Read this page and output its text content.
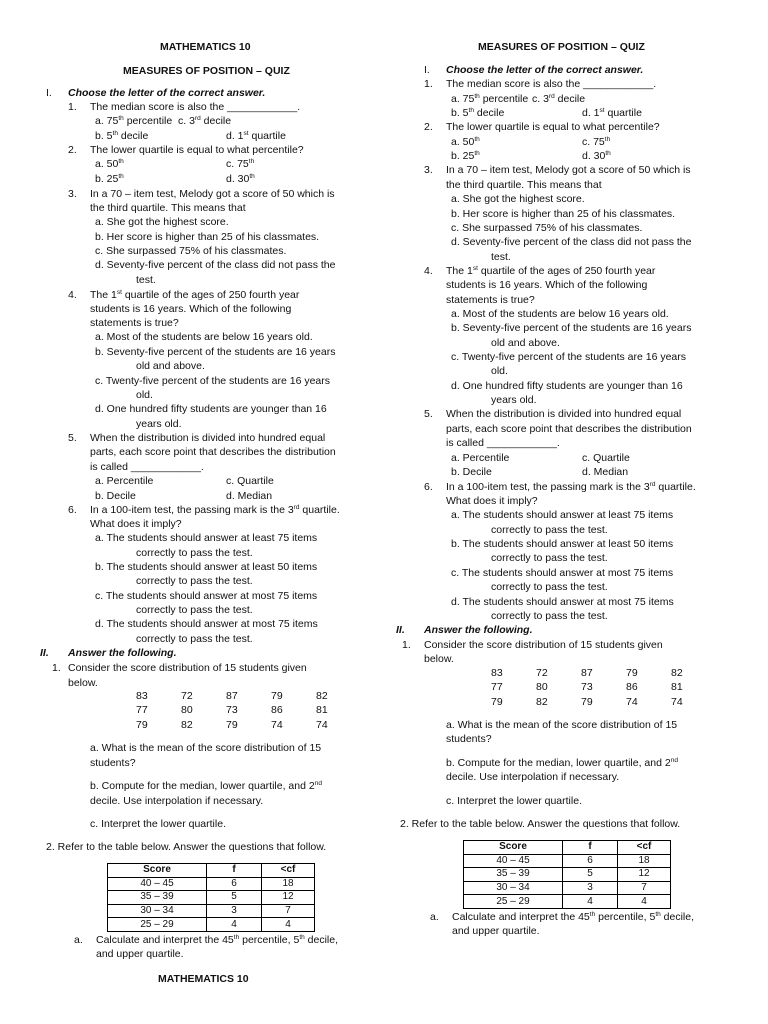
MATHEMATICS 10
MEASURES OF POSITION – QUIZ
I. Choose the letter of the correct answer.
1. The median score is also the ____________.
a. 75th percentile c. 3rd decile
b. 5th decile	d. 1st quartile
2. The lower quartile is equal to what percentile?
a. 50th	c. 75th
b. 25th	d. 30th
3. In a 70 – item test, Melody got a score of 50 which is
the third quartile. This means that
a. She got the highest score.
b. Her score is higher than 25 of his classmates.
c. She surpassed 75% of his classmates.
d. Seventy-five percent of the class did not pass the
test.
4. The 1st quartile of the ages of 250 fourth year
students is 16 years. Which of the following
statements is true?
a. Most of the students are below 16 years old.
b. Seventy-five percent of the students are 16 years
old and above.
c. Twenty-five percent of the students are 16 years
old.
d. One hundred fifty students are younger than 16
years old.
5. When the distribution is divided into hundred equal
parts, each score point that describes the distribution
is called ____________.
a. Percentile	c. Quartile
b. Decile	d. Median
6. In a 100-item test, the passing mark is the 3rd quartile.
What does it imply?
a. The students should answer at least 75 items
correctly to pass the test.
b. The students should answer at least 50 items
correctly to pass the test.
c. The students should answer at most 75 items
correctly to pass the test.
d. The students should answer at most 75 items
correctly to pass the test.
II. Answer the following.
1. Consider the score distribution of 15 students given
below.
83	72	87	79	82
77	80	73	86	81
79	82	79	74	74
a. What is the mean of the score distribution of 15
students?
b. Compute for the median, lower quartile, and 2nd
decile. Use interpolation if necessary.
c. Interpret the lower quartile.
2. Refer to the table below. Answer the questions that follow.
Score	f	<cf
40 – 45	6	18
35 – 39	5	12
30 – 34	3	7
25 – 29	4	4
a. Calculate and interpret the 45th percentile, 5th decile,
and upper quartile.
MATHEMATICS 10
MEASURES OF POSITION – QUIZ
I. Choose the letter of the correct answer.
1. The median score is also the ____________.
a. 75th percentile c. 3rd decile
b. 5th decile	d. 1st quartile
2. The lower quartile is equal to what percentile?
a. 50th	c. 75th
b. 25th	d. 30th
3. In a 70 – item test, Melody got a score of 50 which is
the third quartile. This means that
a. She got the highest score.
b. Her score is higher than 25 of his classmates.
c. She surpassed 75% of his classmates.
d. Seventy-five percent of the class did not pass the
test.
4. The 1st quartile of the ages of 250 fourth year
students is 16 years. Which of the following
statements is true?
a. Most of the students are below 16 years old.
b. Seventy-five percent of the students are 16 years
old and above.
c. Twenty-five percent of the students are 16 years
old.
d. One hundred fifty students are younger than 16
years old.
5. When the distribution is divided into hundred equal
parts, each score point that describes the distribution
is called ____________.
a. Percentile	c. Quartile
b. Decile	d. Median
6. In a 100-item test, the passing mark is the 3rd quartile.
What does it imply?
a. The students should answer at least 75 items
correctly to pass the test.
b. The students should answer at least 50 items
correctly to pass the test.
c. The students should answer at most 75 items
correctly to pass the test.
d. The students should answer at most 75 items
correctly to pass the test.
II. Answer the following.
1. Consider the score distribution of 15 students given
below.
83	72	87	79	82
77	80	73	86	81
79	82	79	74	74
a. What is the mean of the score distribution of 15
students?
b. Compute for the median, lower quartile, and 2nd
decile. Use interpolation if necessary.
c. Interpret the lower quartile.
2. Refer to the table below. Answer the questions that follow.
Score	f	<cf
40 – 45	6	18
35 – 39	5	12
30 – 34	3	7
25 – 29	4	4
a. Calculate and interpret the 45th percentile, 5th decile,
and upper quartile.
